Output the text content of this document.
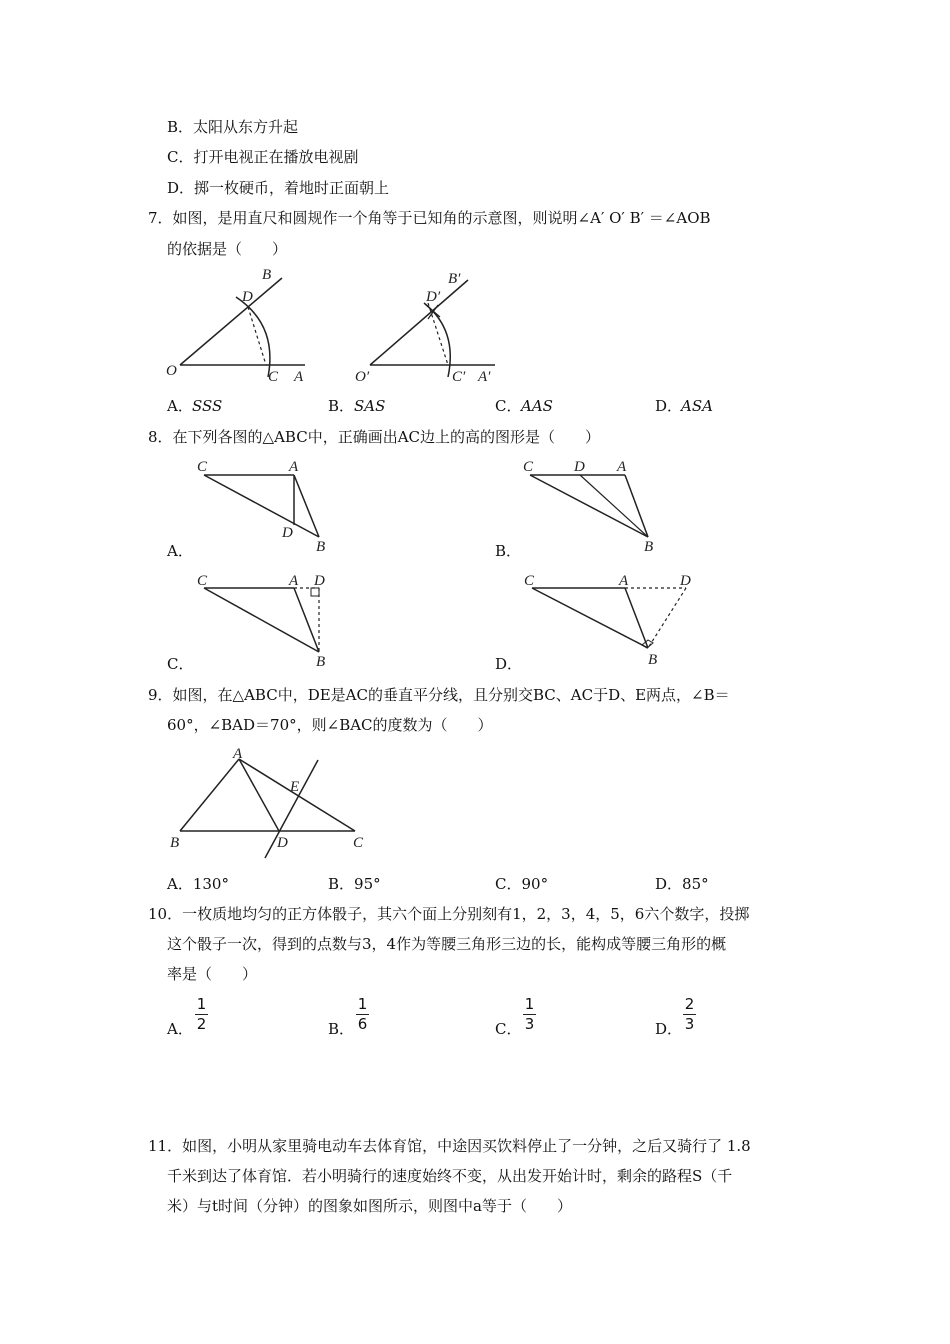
B．太阳从东方升起
C．打开电视正在播放电视剧
D．掷一枚硬币，着地时正面朝上
7．如图，是用直尺和圆规作一个角等于已知角的示意图，则说明∠A′ O′ B′ ＝∠AOB
的依据是（　　）
O	C A
D
B
O′	C′ A′
D′
B′
A． SSS	B． SAS	C． AAS	D．
ASA
8．在下列各图的△ABC中，正确画出AC边上的高的图形是（　　）
C	A
D
B
A．
C	D A
B
B．
C	A D
B
C．
C	A	D
B
D．
9．如图，在△ABC中，DE是AC的垂直平分线，且分别交BC、AC于D、E两点，∠B＝
60°，∠BAD＝70°，则∠BAC的度数为（　　）
A
B	D	C
E
A．130°	B．95°	C．90°	D．85°
10．一枚质地均匀的正方体骰子，其六个面上分别刻有1，2，3，4，5，6六个数字，投掷
这个骰子一次，得到的点数与3，4作为等腰三角形三边的长，能构成等腰三角形的概
率是（　　）
A．
1
2	B．
1
6	C．
1
3	D．
2
3
11．如图，小明从家里骑电动车去体育馆，中途因买饮料停止了一分钟，之后又骑行了 1.8
千米到达了体育馆．若小明骑行的速度始终不变，从出发开始计时，剩余的路程S（千
米）与t时间（分钟）的图象如图所示，则图中a等于（　　）
